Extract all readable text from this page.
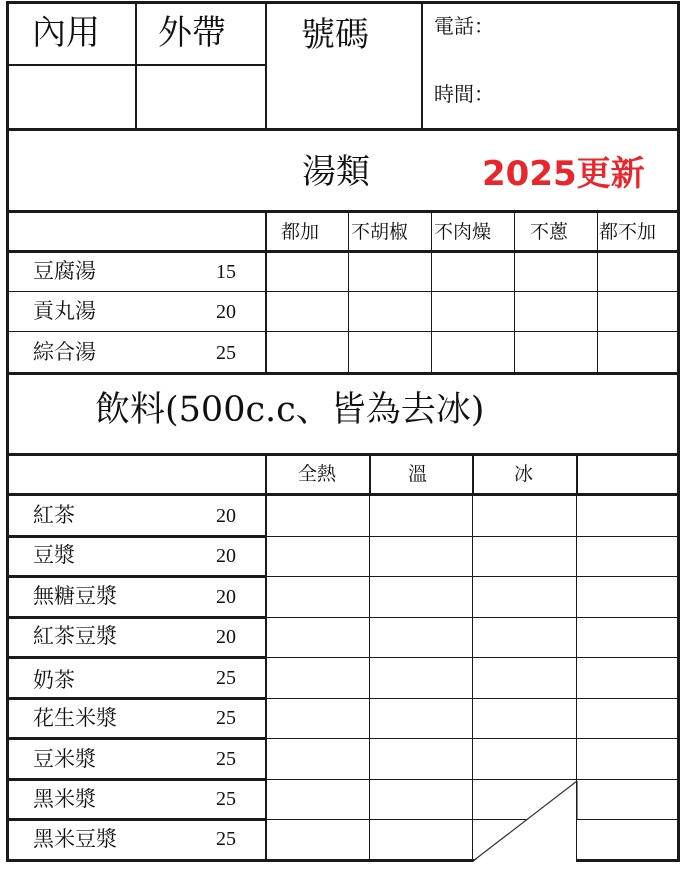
內用 外帶 號碼	電話：
時間：
湯類	2025更新
都加 不胡椒 不肉燥 不蔥 都不加
豆腐湯	15
貢丸湯	20
綜合湯	25
飲料(500c.c、皆為去冰)
全熱	溫	冰
紅茶	20
豆漿	20
無糖豆漿	20
紅茶豆漿	20
奶茶	25
花生米漿	25
豆米漿	25
黑米漿	25
黑米豆漿	25
